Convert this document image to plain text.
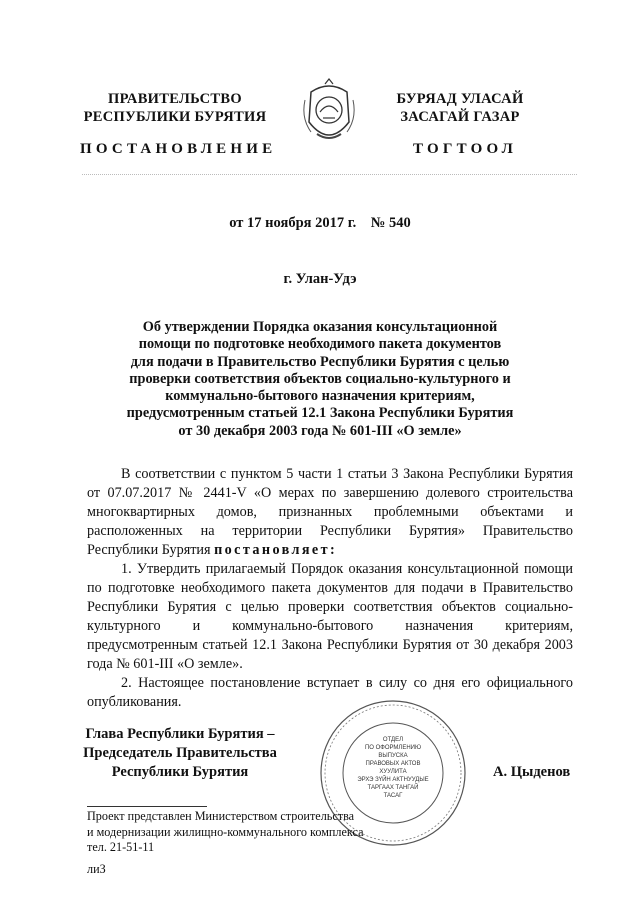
ПРАВИТЕЛЬСТВО
РЕСПУБЛИКИ БУРЯТИЯ
БУРЯАД УЛАСАЙ
ЗАСАГАЙ ГАЗАР
ПОСТАНОВЛЕНИЕ	ТОГТООЛ
от 17 ноября 2017 г.    № 540
г. Улан-Удэ
Об утверждении Порядка оказания консультационной
помощи по подготовке необходимого пакета документов
для подачи в Правительство Республики Бурятия с целью
проверки соответствия объектов социально-культурного и
коммунально-бытового назначения критериям,
предусмотренным статьей 12.1 Закона Республики Бурятия
от 30 декабря 2003 года № 601-III «О земле»

В соответствии с пунктом 5 части 1 статьи 3 Закона Республики Бурятия от 07.07.2017 № 2441-V «О мерах по завершению долевого строительства многоквартирных домов, признанных проблемными объектами и расположенных на территории Республики Бурятия» Правительство Республики Бурятия постановляет:

1. Утвердить прилагаемый Порядок оказания консультационной помощи по подготовке необходимого пакета документов для подачи в Правительство Республики Бурятия с целью проверки соответствия объектов социально-культурного и коммунально-бытового назначения критериям, предусмотренным статьей 12.1 Закона Республики Бурятия от 30 декабря 2003 года № 601-III «О земле».

2. Настоящее постановление вступает в силу со дня его официального опубликования.

ОТДЕЛ
ПО ОФОРМЛЕНИЮ
ВЫПУСКА
ПРАВОВЫХ АКТОВ
ХУУЛИТА
ЭРХЭ ЗҮЙН АКТНУУДЫЕ
ТАРГААХ ТАНГАЙ
ТАСАГ
Глава Республики Бурятия –
Председатель Правительства
Республики Бурятия	А. Цыденов
Проект представлен Министерством строительства
и модернизации жилищно-коммунального комплекса
тел. 21-51-11
лиЗ
